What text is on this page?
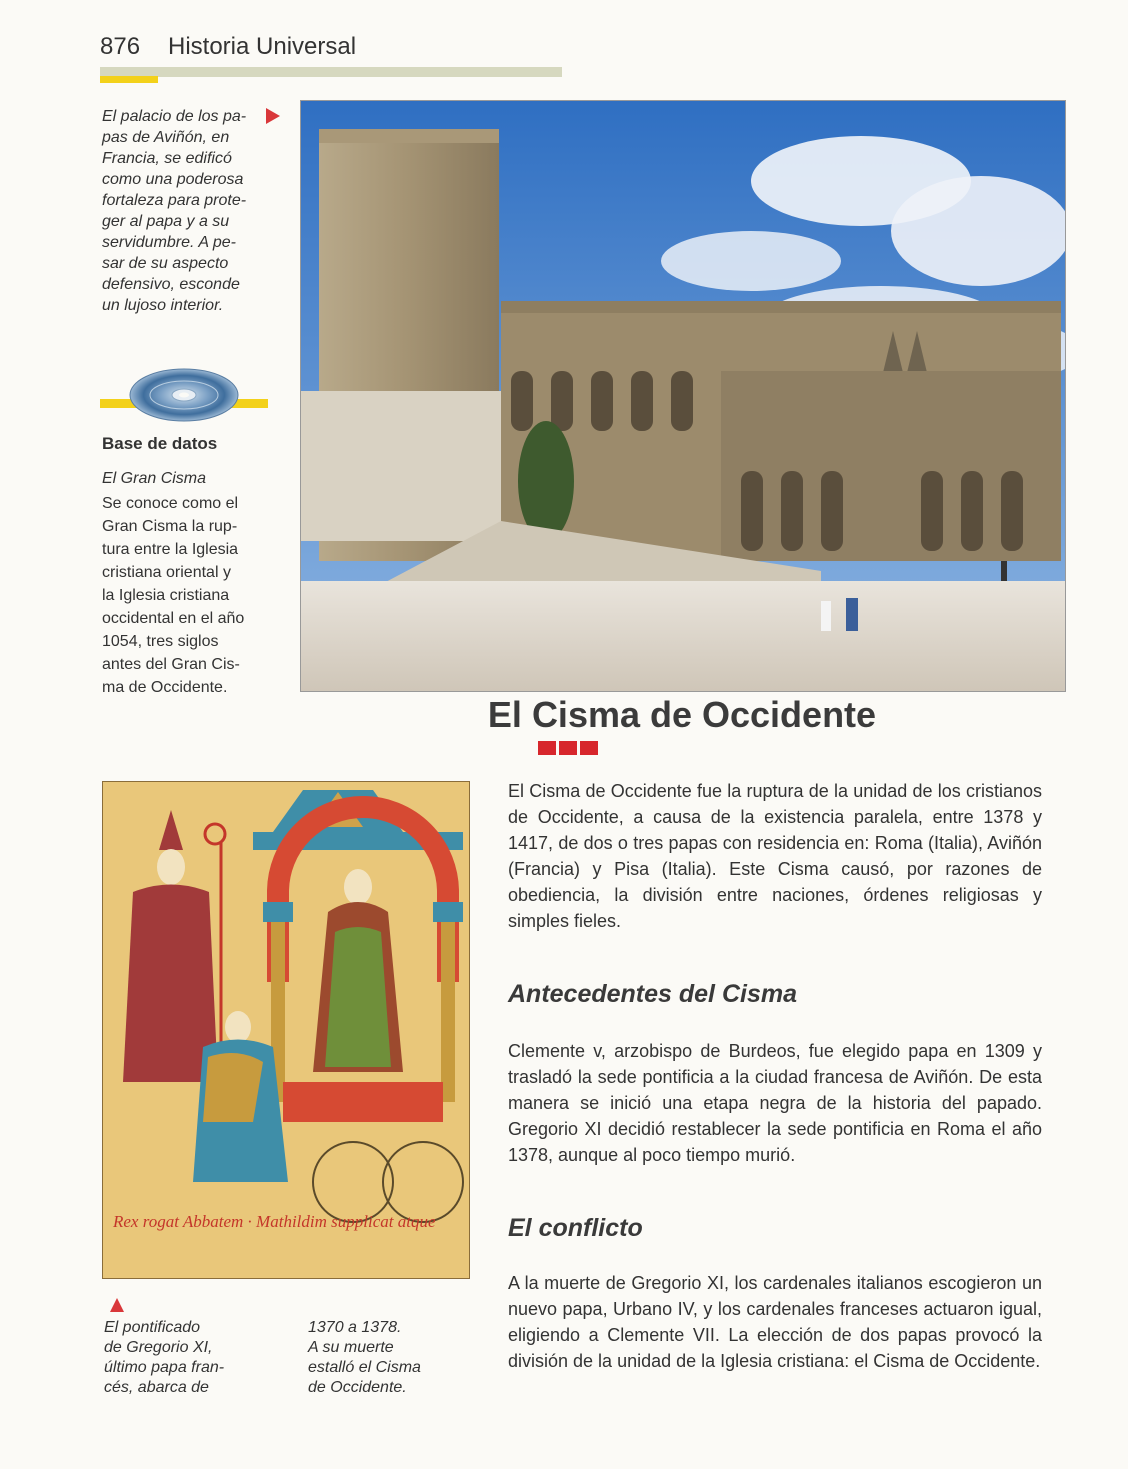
876 Historia Universal
El palacio de los pa-
pas de Aviñón, en
Francia, se edificó
como una poderosa
fortaleza para prote-
ger al papa y a su
servidumbre. A pe-
sar de su aspecto
defensivo, esconde
un lujoso interior.
Base de datos
El Gran Cisma
Se conoce como el
Gran Cisma la rup-
tura entre la Iglesia
cristiana oriental y
la Iglesia cristiana
occidental en el año
1054, tres siglos
antes del Gran Cis-
ma de Occidente.
El Cisma de Occidente
Rex rogat Abbatem · Mathildim supplicat atque
El pontificado
de Gregorio XI,
último papa fran-
cés, abarca de
1370 a 1378.
A su muerte
estalló el Cisma
de Occidente.
El Cisma de Occidente fue la ruptura de la unidad de los cristianos de Occidente, a causa de la existencia paralela, entre 1378 y 1417, de dos o tres papas con residencia en: Roma (Italia), Aviñón (Francia) y Pisa (Italia). Este Cisma causó, por razones de obediencia, la división entre naciones, órdenes religiosas y simples fieles.
Antecedentes del Cisma
Clemente v, arzobispo de Burdeos, fue elegido papa en 1309 y trasladó la sede pontificia a la ciudad francesa de Aviñón. De esta manera se inició una etapa negra de la historia del papado. Gregorio XI decidió restablecer la sede pontificia en Roma el año 1378, aunque al poco tiempo murió.
El conflicto
A la muerte de Gregorio XI, los cardenales italianos escogieron un nuevo papa, Urbano IV, y los cardenales franceses actuaron igual, eligiendo a Clemente VII. La elección de dos papas provocó la división de la unidad de la Iglesia cristiana: el Cisma de Occidente.
